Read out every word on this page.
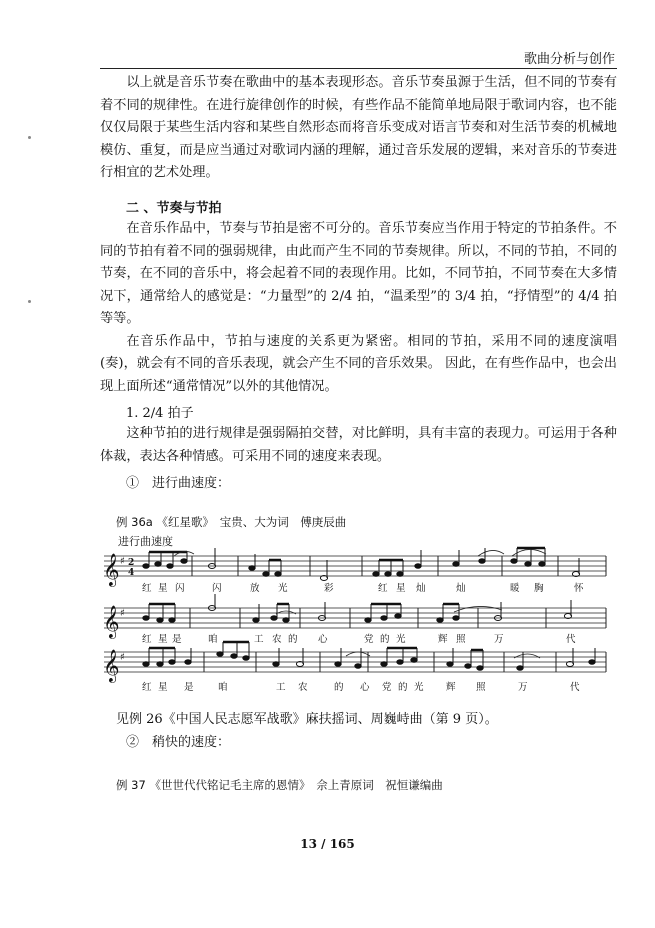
歌曲分析与创作

以上就是音乐节奏在歌曲中的基本表现形态。音乐节奏虽源于生活，但不同的节奏有着不同的规律性。在进行旋律创作的时候，有些作品不能简单地局限于歌词内容，也不能仅仅局限于某些生活内容和某些自然形态而将音乐变成对语言节奏和对生活节奏的机械地模仿、重复，而是应当通过对歌词内涵的理解，通过音乐发展的逻辑，来对音乐的节奏进行相宜的艺术处理。

二 、节奏与节拍

在音乐作品中，节奏与节拍是密不可分的。音乐节奏应当作用于特定的节拍条件。不同的节拍有着不同的强弱规律，由此而产生不同的节奏规律。所以，不同的节拍，不同的节奏，在不同的音乐中，将会起着不同的表现作用。比如，不同节拍，不同节奏在大多情况下，通常给人的感觉是：“力量型”的 2/4 拍，“温柔型”的 3/4 拍，“抒情型”的 4/4 拍等等。

在音乐作品中，节拍与速度的关系更为紧密。相同的节拍，采用不同的速度演唱(奏)，就会有不同的音乐表现，就会产生不同的音乐效果。 因此，在有些作品中，也会出现上面所述“通常情况”以外的其他情况。

1. 2/4 拍子

这种节拍的进行规律是强弱隔拍交替，对比鲜明，具有丰富的表现力。可运用于各种体裁，表达各种情感。可采用不同的速度来表现。

①　进行曲速度：
例 36a 《红星歌》　宝贵、大为词　傅庚辰曲
进行曲速度
𝄞
𝄞
𝄞
♯
♯
♯
2
4
红 星 闪	闪	放 光	彩	红 星 灿	灿	暖 胸	怀
红 星 是	咱	工 农 的 心	党 的 光	辉 照	万	代
红 星 是	咱	工 农	的 心 党 的 光 辉 照	万	代
见例 26《中国人民志愿军战歌》麻扶摇词、周巍峙曲（第 9 页）。
②　稍快的速度：
例 37 《世世代代铭记毛主席的恩情》　佘上青原词　祝恒谦编曲
13 / 165
